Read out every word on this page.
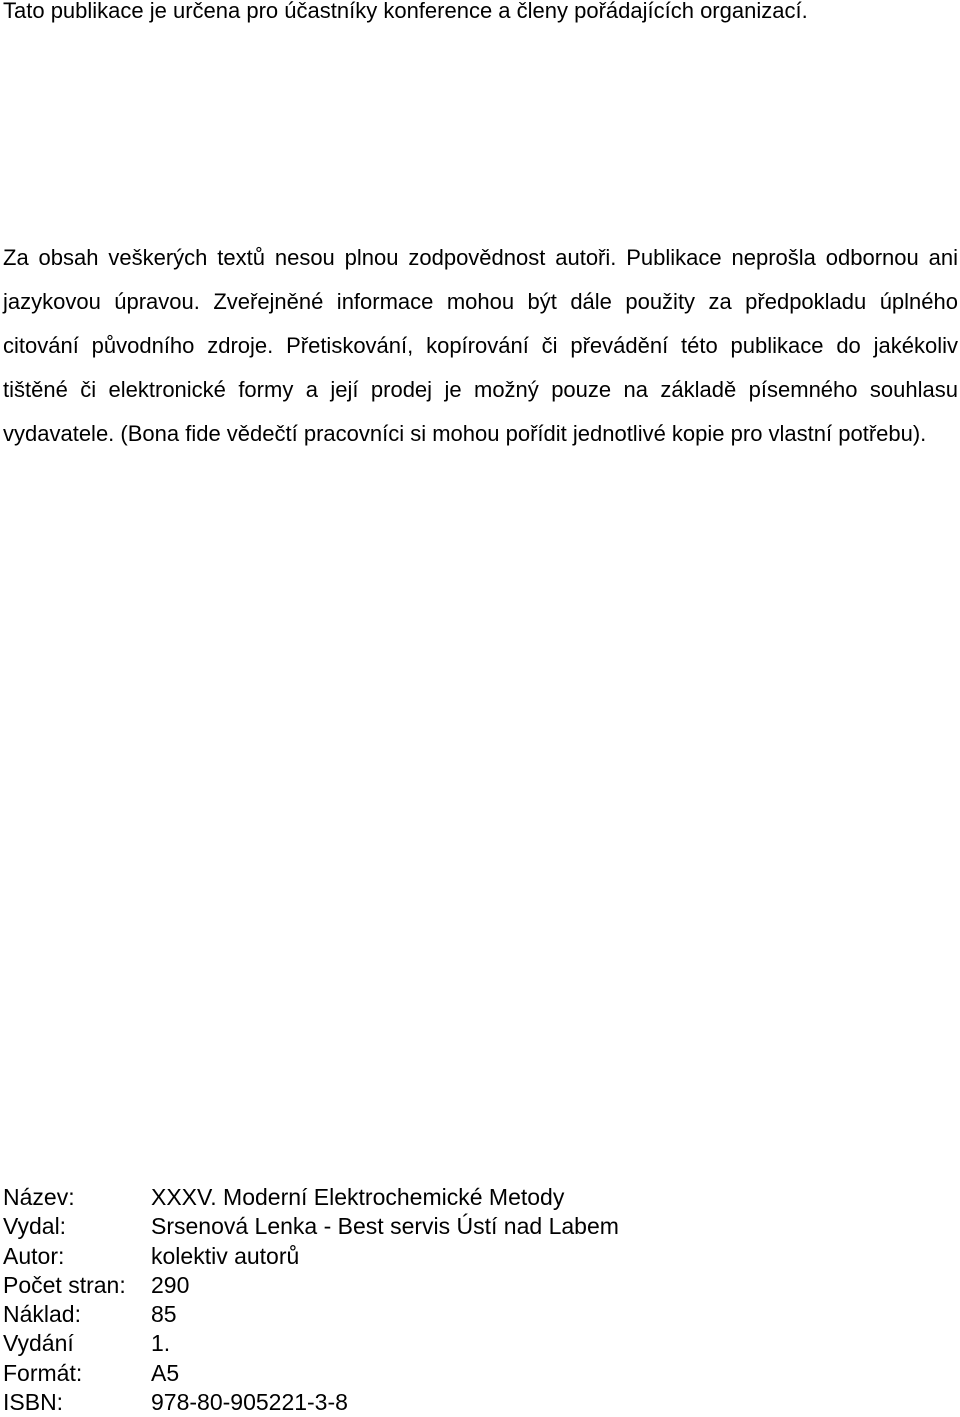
Tato publikace je určena pro účastníky konference a členy pořádajících organizací.
Za obsah veškerých textů nesou plnou zodpovědnost autoři. Publikace neprošla odbornou ani jazykovou úpravou. Zveřejněné informace mohou být dále použity za předpokladu úplného citování původního zdroje. Přetiskování, kopírování či převádění této publikace do jakékoliv tištěné či elektronické formy a její prodej je možný pouze na základě písemného souhlasu vydavatele. (Bona fide vědečtí pracovníci si mohou pořídit jednotlivé kopie pro vlastní potřebu).
Název:	XXXV. Moderní Elektrochemické Metody
Vydal:	Srsenová Lenka - Best servis Ústí nad Labem
Autor:	kolektiv autorů
Počet stran:	290
Náklad:	85
Vydání	1.
Formát:	A5
ISBN:	978-80-905221-3-8
